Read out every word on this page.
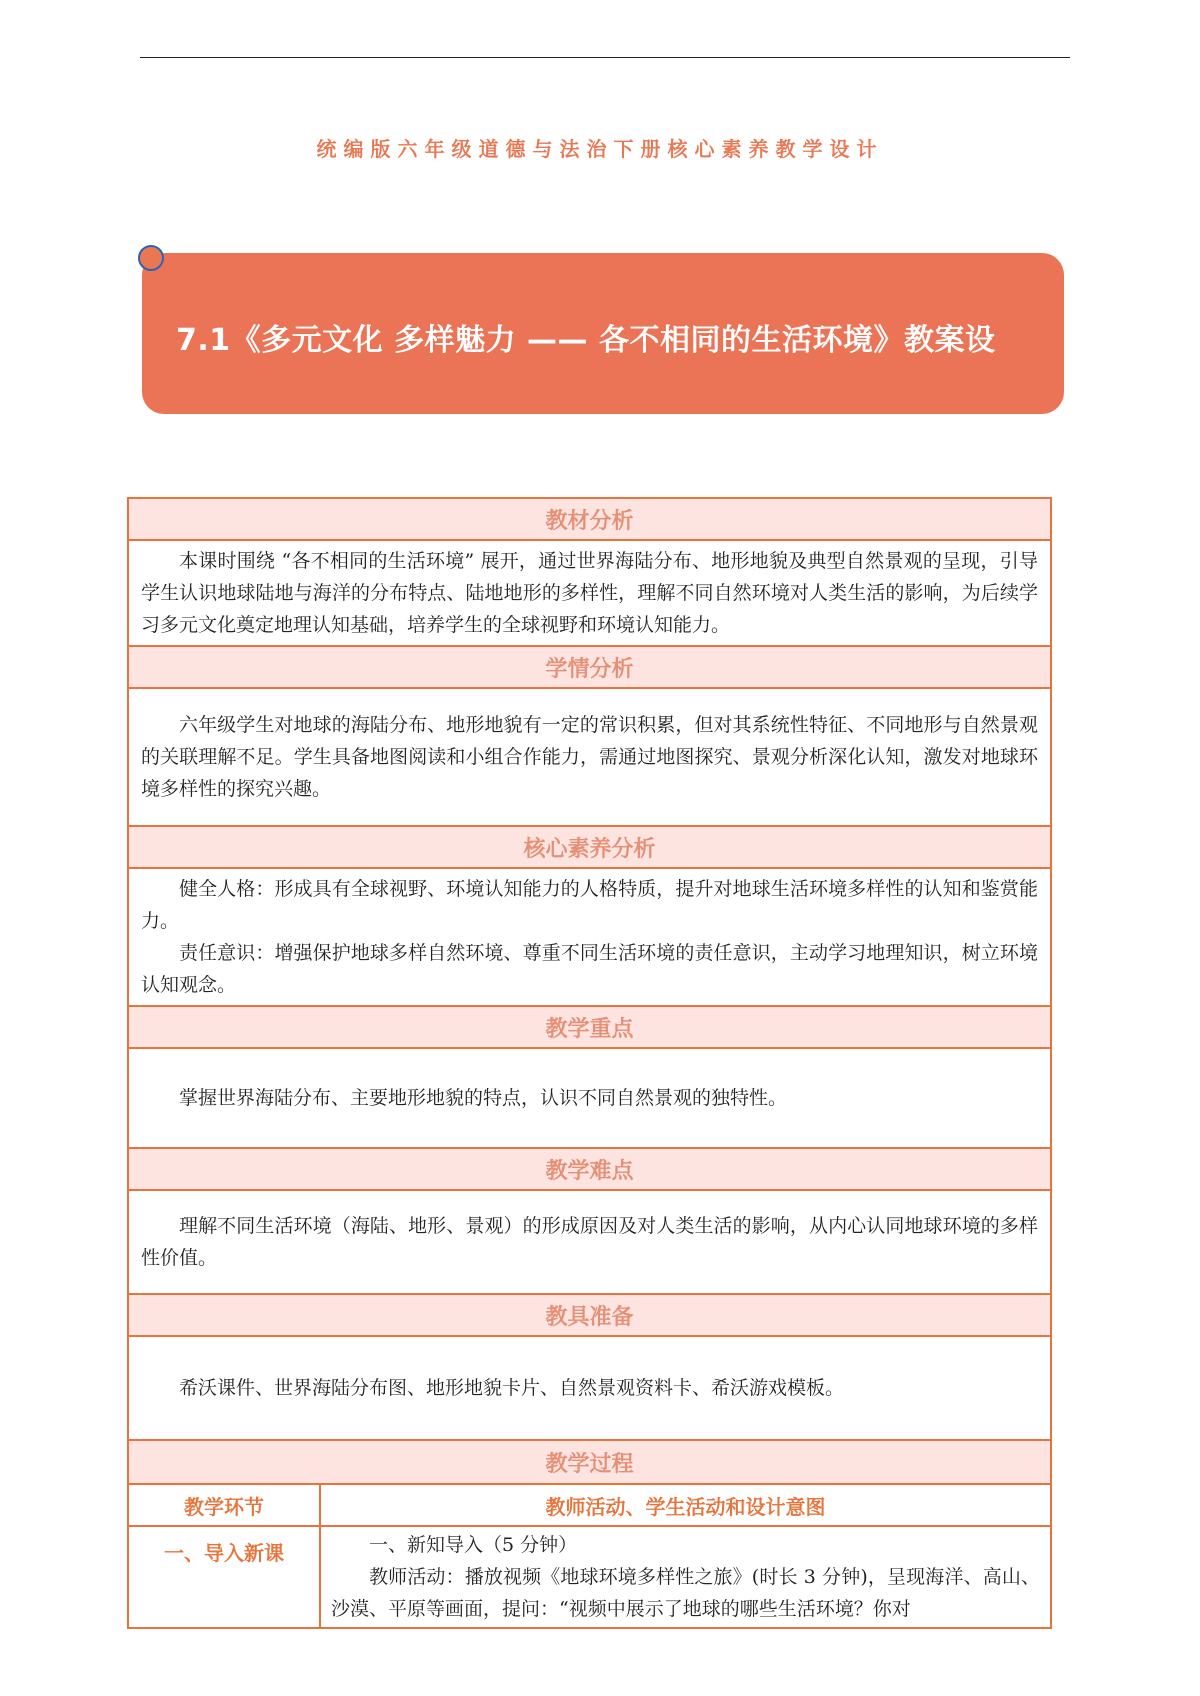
统编版六年级道德与法治下册核心素养教学设计
7.1《多元文化 多样魅力 —— 各不相同的生活环境》教案设
教材分析	

本课时围绕 “各不相同的生活环境” 展开，通过世界海陆分布、地形地貌及典型自然景观的呈现，引导学生认识地球陆地与海洋的分布特点、陆地地形的多样性，理解不同自然环境对人类生活的影响，为后续学习多元文化奠定地理认知基础，培养学生的全球视野和环境认知能力。	

学情分析	

六年级学生对地球的海陆分布、地形地貌有一定的常识积累，但对其系统性特征、不同地形与自然景观的关联理解不足。学生具备地图阅读和小组合作能力，需通过地图探究、景观分析深化认知，激发对地球环境多样性的探究兴趣。	

核心素养分析	

健全人格：形成具有全球视野、环境认知能力的人格特质，提升对地球生活环境多样性的认知和鉴赏能力。

责任意识：增强保护地球多样自然环境、尊重不同生活环境的责任意识，主动学习地理知识，树立环境认知观念。	

教学重点	

掌握世界海陆分布、主要地形地貌的特点，认识不同自然景观的独特性。	

教学难点	

理解不同生活环境（海陆、地形、景观）的形成原因及对人类生活的影响，从内心认同地球环境的多样性价值。	

教具准备	

希沃课件、世界海陆分布图、地形地貌卡片、自然景观资料卡、希沃游戏模板。	

教学过程	
教学环节	教师活动、学生活动和设计意图
一、导入新课	一、新知导入（5 分钟）

教师活动：播放视频《地球环境多样性之旅》(时长 3 分钟)，呈现海洋、高山、沙漠、平原等画面，提问：“视频中展示了地球的哪些生活环境？你对
